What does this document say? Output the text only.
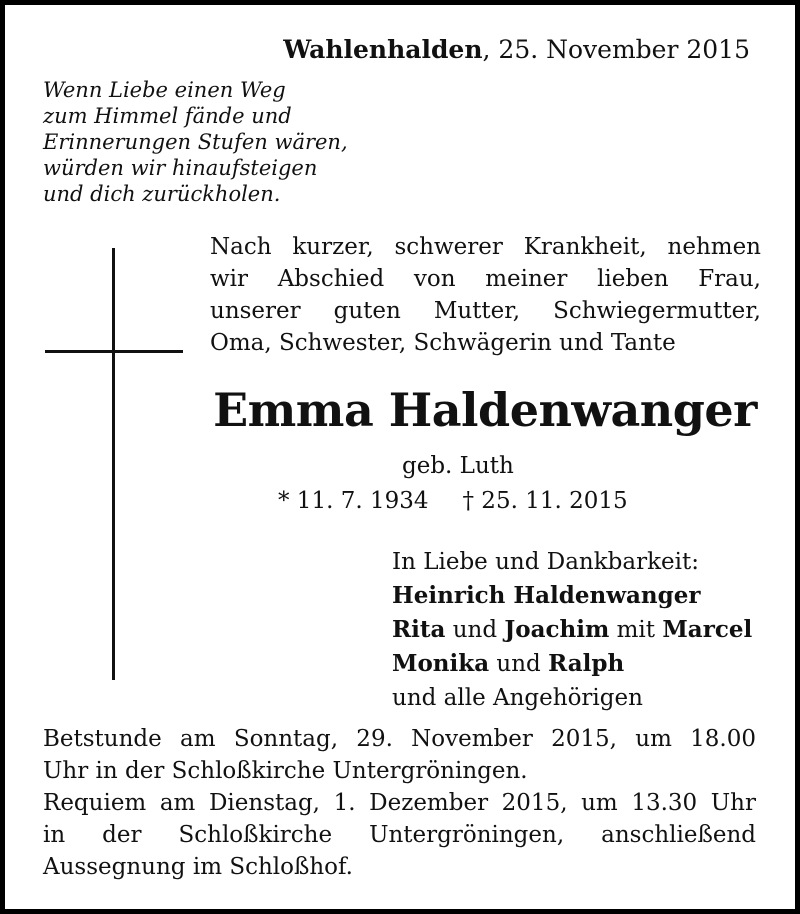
Wahlenhalden, 25. November 2015
Wenn Liebe einen Weg
zum Himmel fände und
Erinnerungen Stufen wären,
würden wir hinaufsteigen
und dich zurückholen.
Nach kurzer, schwerer Krankheit, nehmen
wir Abschied von meiner lieben Frau,
unserer guten Mutter, Schwiegermutter,
Oma, Schwester, Schwägerin und Tante
Emma Haldenwanger
geb. Luth
* 11. 7. 1934 † 25. 11. 2015
In Liebe und Dankbarkeit:
Heinrich Haldenwanger
Rita und Joachim mit Marcel
Monika und Ralph
und alle Angehörigen
Betstunde am Sonntag, 29. November 2015, um 18.00
Uhr in der Schloßkirche Untergröningen.
Requiem am Dienstag, 1. Dezember 2015, um 13.30 Uhr
in der Schloßkirche Untergröningen, anschließend
Aussegnung im Schloßhof.
